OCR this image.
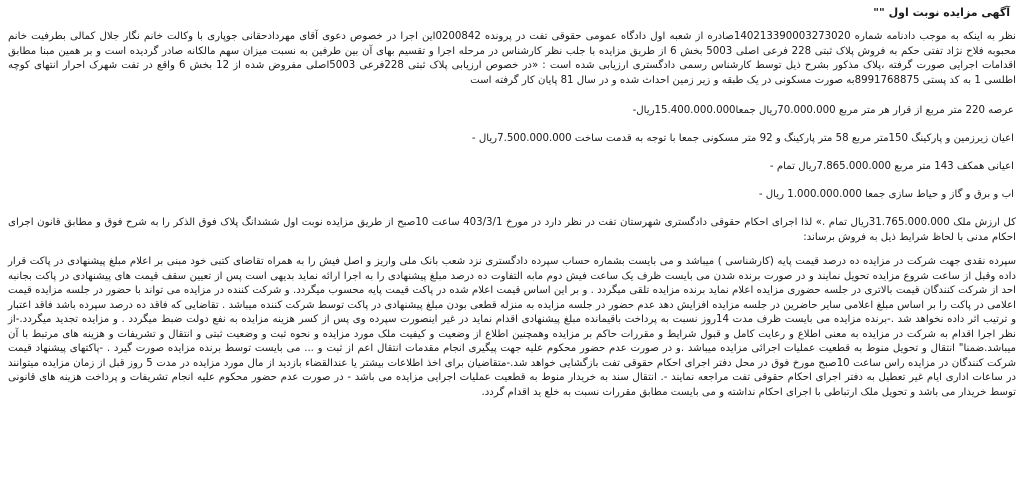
آگهی مزایده نوبت اول ""

نظر به اینکه به موجب دادنامه شماره 140213390003273020صادره از شعبه اول دادگاه عمومی حقوقی تفت در پرونده 0200842این اجرا در خصوص دعوی آقای مهرداد​حقانی جوپاری با وکالت خانم نگار جلال کمالی بطرفیت خانم محبوبه فلاح نژاد تفتی حکم به فروش پلاک ثبتی 228 فرعی اصلی 5003 بخش 6 از طریق مزایده با جلب نظر کارشناس در مرحله اجرا و تقسیم بهای آن بین طرفین به نسبت میزان سهم مالکانه صادر گردیده است و بر همین مبنا مطابق اقدامات اجرایی صورت گرفته ،پلاک مذکور بشرح ذیل توسط کارشناس رسمی دادگستری ارزیابی شده است : «در خصوص ارزیابی پلاک ثبتی 228فرعی 5003اصلی مفروض شده از 12 بخش 6 واقع در تفت شهرک احرار انتهای کوچه اطلسی 1 به کد پستی 8991768875به صورت مسکونی در یک طبقه و زیر زمین احداث شده و در سال 81 پایان کار گرفته است

عرصه 220 متر مربع از قرار هر متر مربع 70.000.000ریال جمعا15.400.000.000ریال-

اعیان زیرزمین و پارکینگ 150متر مربع 58 متر پارکینگ و 92 متر مسکونی جمعا با توجه به قدمت ساخت 7.500.000.000ریال -

اعیانی همکف 143 متر مربع 7.865.000.000ریال تمام -

اب و برق و گاز و حیاط سازی جمعا 1.000.000.000 ریال -

کل ارزش ملک 31.765.000.000ریال تمام .» لذا اجرای احکام حقوقی دادگستری شهرستان تفت در نظر دارد در مورخ 403/3/1 ساعت 10صبح از طریق مزایده نوبت اول ششدانگ پلاک فوق الذکر را به شرح فوق و مطابق قانون اجرای احکام مدنی با لحاظ شرایط ذیل به فروش برساند:

سپرده نقدی جهت شرکت در مزایده ده درصد قیمت پایه (کارشناسی ) میباشد و می بایست بشماره حساب سپرده دادگستری نزد شعب بانک ملی واریز و اصل فیش را به همراه تقاضای کتبی خود مبنی بر اعلام مبلغ پیشنهادی در پاکت قرار داده وقبل از ساعت شروع مزایده تحویل نمایند و در صورت برنده شدن می بایست ظرف یک ساعت فیش دوم مابه التفاوت ده درصد مبلغ پیشنهادی را به اجرا ارائه نماید بدیهی است پس از تعیین سقف قیمت های پیشنهادی در پاکت بجانبه احد از شرکت کنندگان قیمت بالاتری در جلسه حضوری مزایده اعلام نماید برنده مزایده تلقی میگردد . و بر این اساس قیمت اعلام شده در پاکت قیمت پایه محسوب میگردد. و شرکت کننده در مزایده می تواند با حضور در جلسه مزایده قیمت اعلامی در پاکت را بر اساس مبلغ اعلامی سایر حاضرین در جلسه مزایده افزایش دهد عدم حضور در جلسه مزایده به منزله قطعی بودن مبلغ پیشنهادی در پاکت توسط شرکت کننده میباشد . تقاضایی که فاقد ده درصد سپرده باشد فاقد اعتبار و ترتیب اثر داده نخواهد شد .-برنده مزایده می بایست ظرف مدت 14روز نسبت به پرداخت باقیمانده مبلغ پیشنهادی اقدام نماید در غیر اینصورت سپرده وی پس از کسر هزینه مزایده به نفع دولت ضبط میگردد . و مزایده تجدید میگردد.-از نظر اجرا اقدام به شرکت در مزایده به معنی اطلاع و رعایت کامل و قبول شرایط و مقررات حاکم بر مزایده وهمچنین اطلاع از وضعیت و کیفیت ملک مورد مزایده و نحوه ثبت و وضعیت ثبتی و انتقال و تشریفات و هزینه های مرتبط با آن میباشد.ضمنا" انتقال و تحویل منوط به قطعیت عملیات اجرائی مزایده میباشد .و در صورت عدم حضور محکوم علیه جهت پیگیری انجام مقدمات انتقال اعم از ثبت و ... می بایست توسط برنده مزایده صورت گیرد . -پاکتهای پیشنهاد قیمت شرکت کنندگان در مزایده راس ساعت 10صبح مورخ فوق در محل دفتر اجرای احکام حقوقی تفت بازگشایی خواهد شد.-متقاضیان برای اخذ اطلاعات بیشتر یا عندالقضاء بازدید از مال مورد مزایده در مدت 5 روز قبل از زمان مزایده میتوانند در ساعات اداری ایام غیر تعطیل به دفتر اجرای احکام حقوقی تفت مراجعه نمایند -. انتقال سند به خریدار منوط به قطعیت عملیات اجرایی مزایده می باشد - در صورت عدم حضور محکوم علیه انجام تشریفات و پرداخت هزینه های قانونی توسط خریدار می باشد و تحویل ملک ارتباطی با اجرای احکام نداشته و می بایست مطابق مقررات نسبت به خلع ید اقدام گردد.
